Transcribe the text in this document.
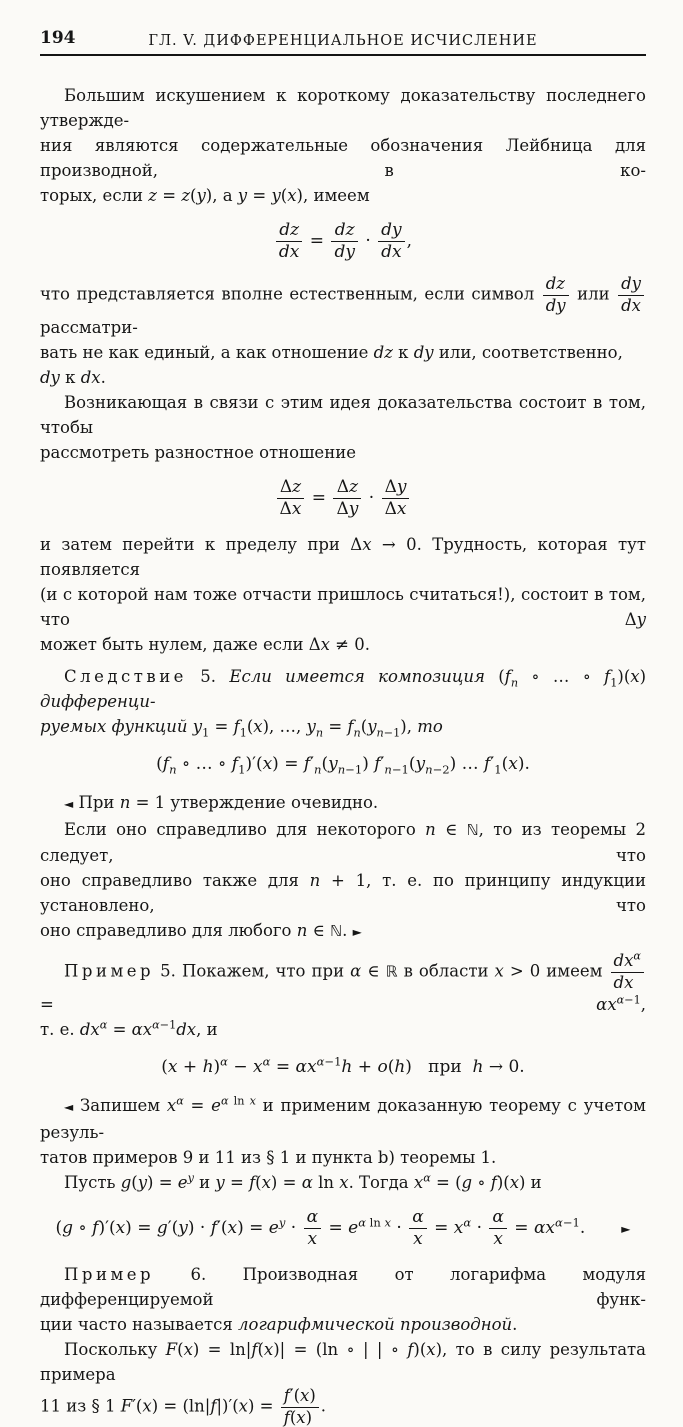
194	ГЛ. V. ДИФФЕРЕНЦИАЛЬНОЕ ИСЧИСЛЕНИЕ
Большим искушением к короткому доказательству последнего утвержде-
ния являются содержательные обозначения Лейбница для производной, в ко-
торых, если z = z(y), а y = y(x), имеем
$\frac{dz}{dx} = \frac{dz}{dy} \cdot \frac{dy}{dx}$ ,
что представляется вполне естественным, если символ $\frac{dz}{dy}$ или $\frac{dy}{dx}$
рассматри-
вать не как единый, а как отношение dz к dy или, соответственно, dy к dx.
Возникающая в связи с этим идея доказательства состоит в том, чтобы
рассмотреть разностное отношение
$\frac{\Delta z}{\Delta x} = \frac{\Delta z}{\Delta y} \cdot \frac{\Delta y}{\Delta x}$
и затем перейти к пределу при Δx → 0. Трудность, которая тут появляется
(и с которой нам тоже отчасти пришлось считаться!), состоит в том, что Δy
может быть нулем, даже если Δx ≠ 0.
Следствие 5. Если имеется композиция ($f_n$ ∘ … ∘ $f_1)(x)$ дифференци-
руемых функций $y_1 = f_1(x)$, …, $y_n = f_n(y_{n-1})$, то
($f_n$ ∘ … ∘ $f_1)'(x) = f'_n(y_{n-1})$ $f'_{n-1}(y_{n-2})$ … $f'_1(x)$.
◄ При n = 1 утверждение очевидно.
Если оно справедливо для некоторого n ∈ ℕ, то из теоремы 2 следует, что
оно справедливо также для n + 1, т. е. по принципу индукции установлено, что
оно справедливо для любого n ∈ ℕ. ►
Пример 5. Покажем, что при α ∈ ℝ в области x > 0 имеем $\frac{dx^\alpha}{dx}$
= $\alpha x^{\alpha-1}$,
т. е. $dx^\alpha = \alpha x^{\alpha-1}dx$, и
$(x + h)^\alpha - x^\alpha = \alpha x^{\alpha-1}h + o(h)$   при  h → 0.
◄ Запишем $x^\alpha = e^{\alpha ln x}$ и применим доказанную теорему с учетом резуль-
татов примеров 9 и 11 из § 1 и пункта b) теоремы 1.
Пусть $g(y) = e^y$ и y = f(x) = α ln x. Тогда $x^\alpha = (g$ ∘ f)(x) и
(g ∘ $f)'(x) = g'(y) \cdot f'(x) = e^y \cdot \frac{\alpha}{x} = e^{\alpha ln x} \cdot \frac{\alpha}{x} = x^\alpha \cdot \frac{\alpha}{x} = \alpha x^{\alpha-1}$.	►
Пример 6. Производная от логарифма модуля дифференцируемой функ-
ции часто называется логарифмической производной.
Поскольку F(x) = ln|f(x)| = (ln ∘ | | ∘ f)(x), то в силу результата примера
11 из § 1 $F'(x) = (\ln|f|)'(x) = \frac{f'(x)}{f(x)}$ .
